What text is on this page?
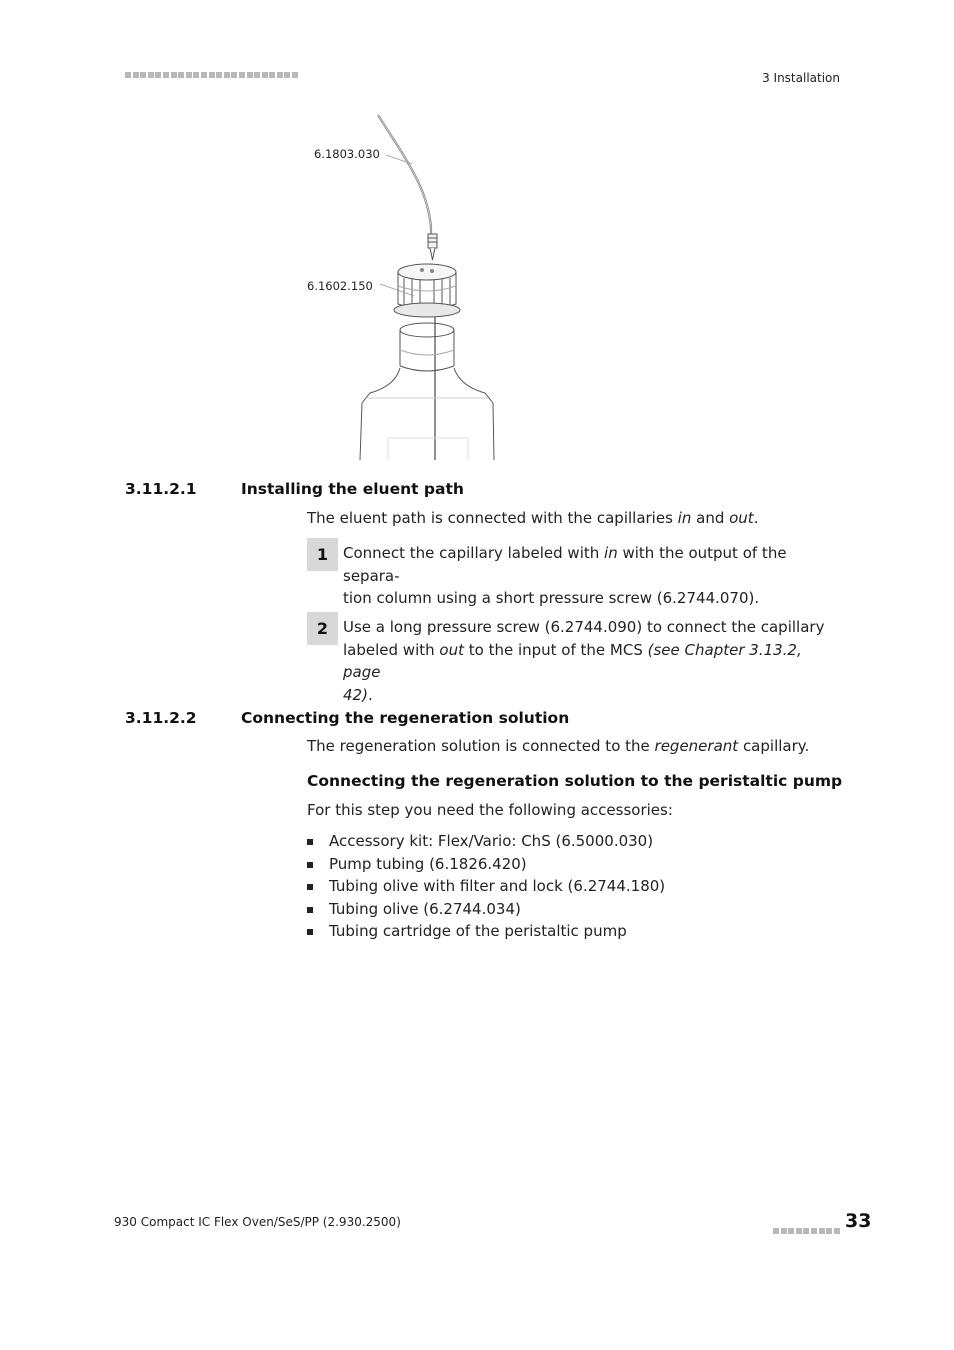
3 Installation
6.1803.030
6.1602.150
3.11.2.1	Installing the eluent path
The eluent path is connected with the capillaries in and out.
1 Connect the capillary labeled with in with the output of the separa-
tion column using a short pressure screw (6.2744.070).
2 Use a long pressure screw (6.2744.090) to connect the capillary
labeled with out to the input of the MCS (see Chapter 3.13.2, page
42).
3.11.2.2	Connecting the regeneration solution
The regeneration solution is connected to the regenerant capillary.
Connecting the regeneration solution to the peristaltic pump
For this step you need the following accessories:
Accessory kit: Flex/Vario: ChS (6.5000.030)
Pump tubing (6.1826.420)
Tubing olive with filter and lock (6.2744.180)
Tubing olive (6.2744.034)
Tubing cartridge of the peristaltic pump
930 Compact IC Flex Oven/SeS/PP (2.930.2500)	33
